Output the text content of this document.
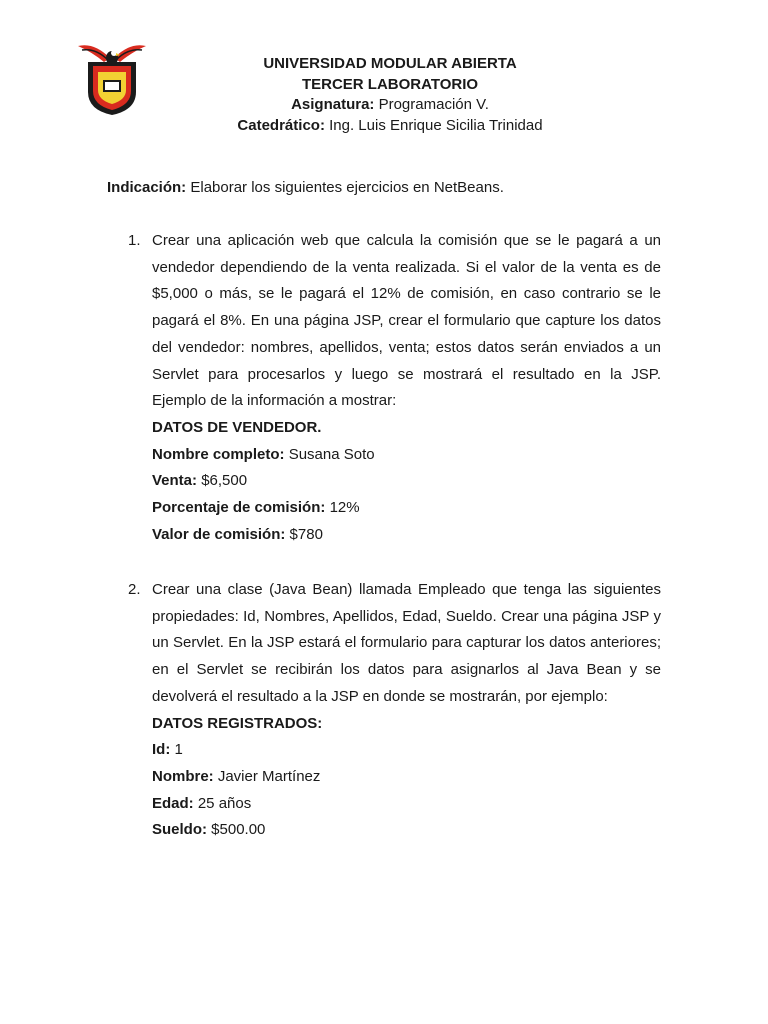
UNIVERSIDAD MODULAR ABIERTA
TERCER LABORATORIO
Asignatura: Programación V.
Catedrático: Ing. Luis Enrique Sicilia Trinidad
Indicación: Elaborar los siguientes ejercicios en NetBeans.
1. Crear una aplicación web que calcula la comisión que se le pagará a un vendedor dependiendo de la venta realizada. Si el valor de la venta es de $5,000 o más, se le pagará el 12% de comisión, en caso contrario se le pagará el 8%. En una página JSP, crear el formulario que capture los datos del vendedor: nombres, apellidos, venta; estos datos serán enviados a un Servlet para procesarlos y luego se mostrará el resultado en la JSP. Ejemplo de la información a mostrar:

DATOS DE VENDEDOR.

Nombre completo: Susana Soto

Venta: $6,500

Porcentaje de comisión: 12%

Valor de comisión: $780

2. Crear una clase (Java Bean) llamada Empleado que tenga las siguientes propiedades: Id, Nombres, Apellidos, Edad, Sueldo. Crear una página JSP y un Servlet. En la JSP estará el formulario para capturar los datos anteriores; en el Servlet se recibirán los datos para asignarlos al Java Bean y se devolverá el resultado a la JSP en donde se mostrarán, por ejemplo:

DATOS REGISTRADOS:

Id: 1

Nombre: Javier Martínez

Edad: 25 años

Sueldo: $500.00
